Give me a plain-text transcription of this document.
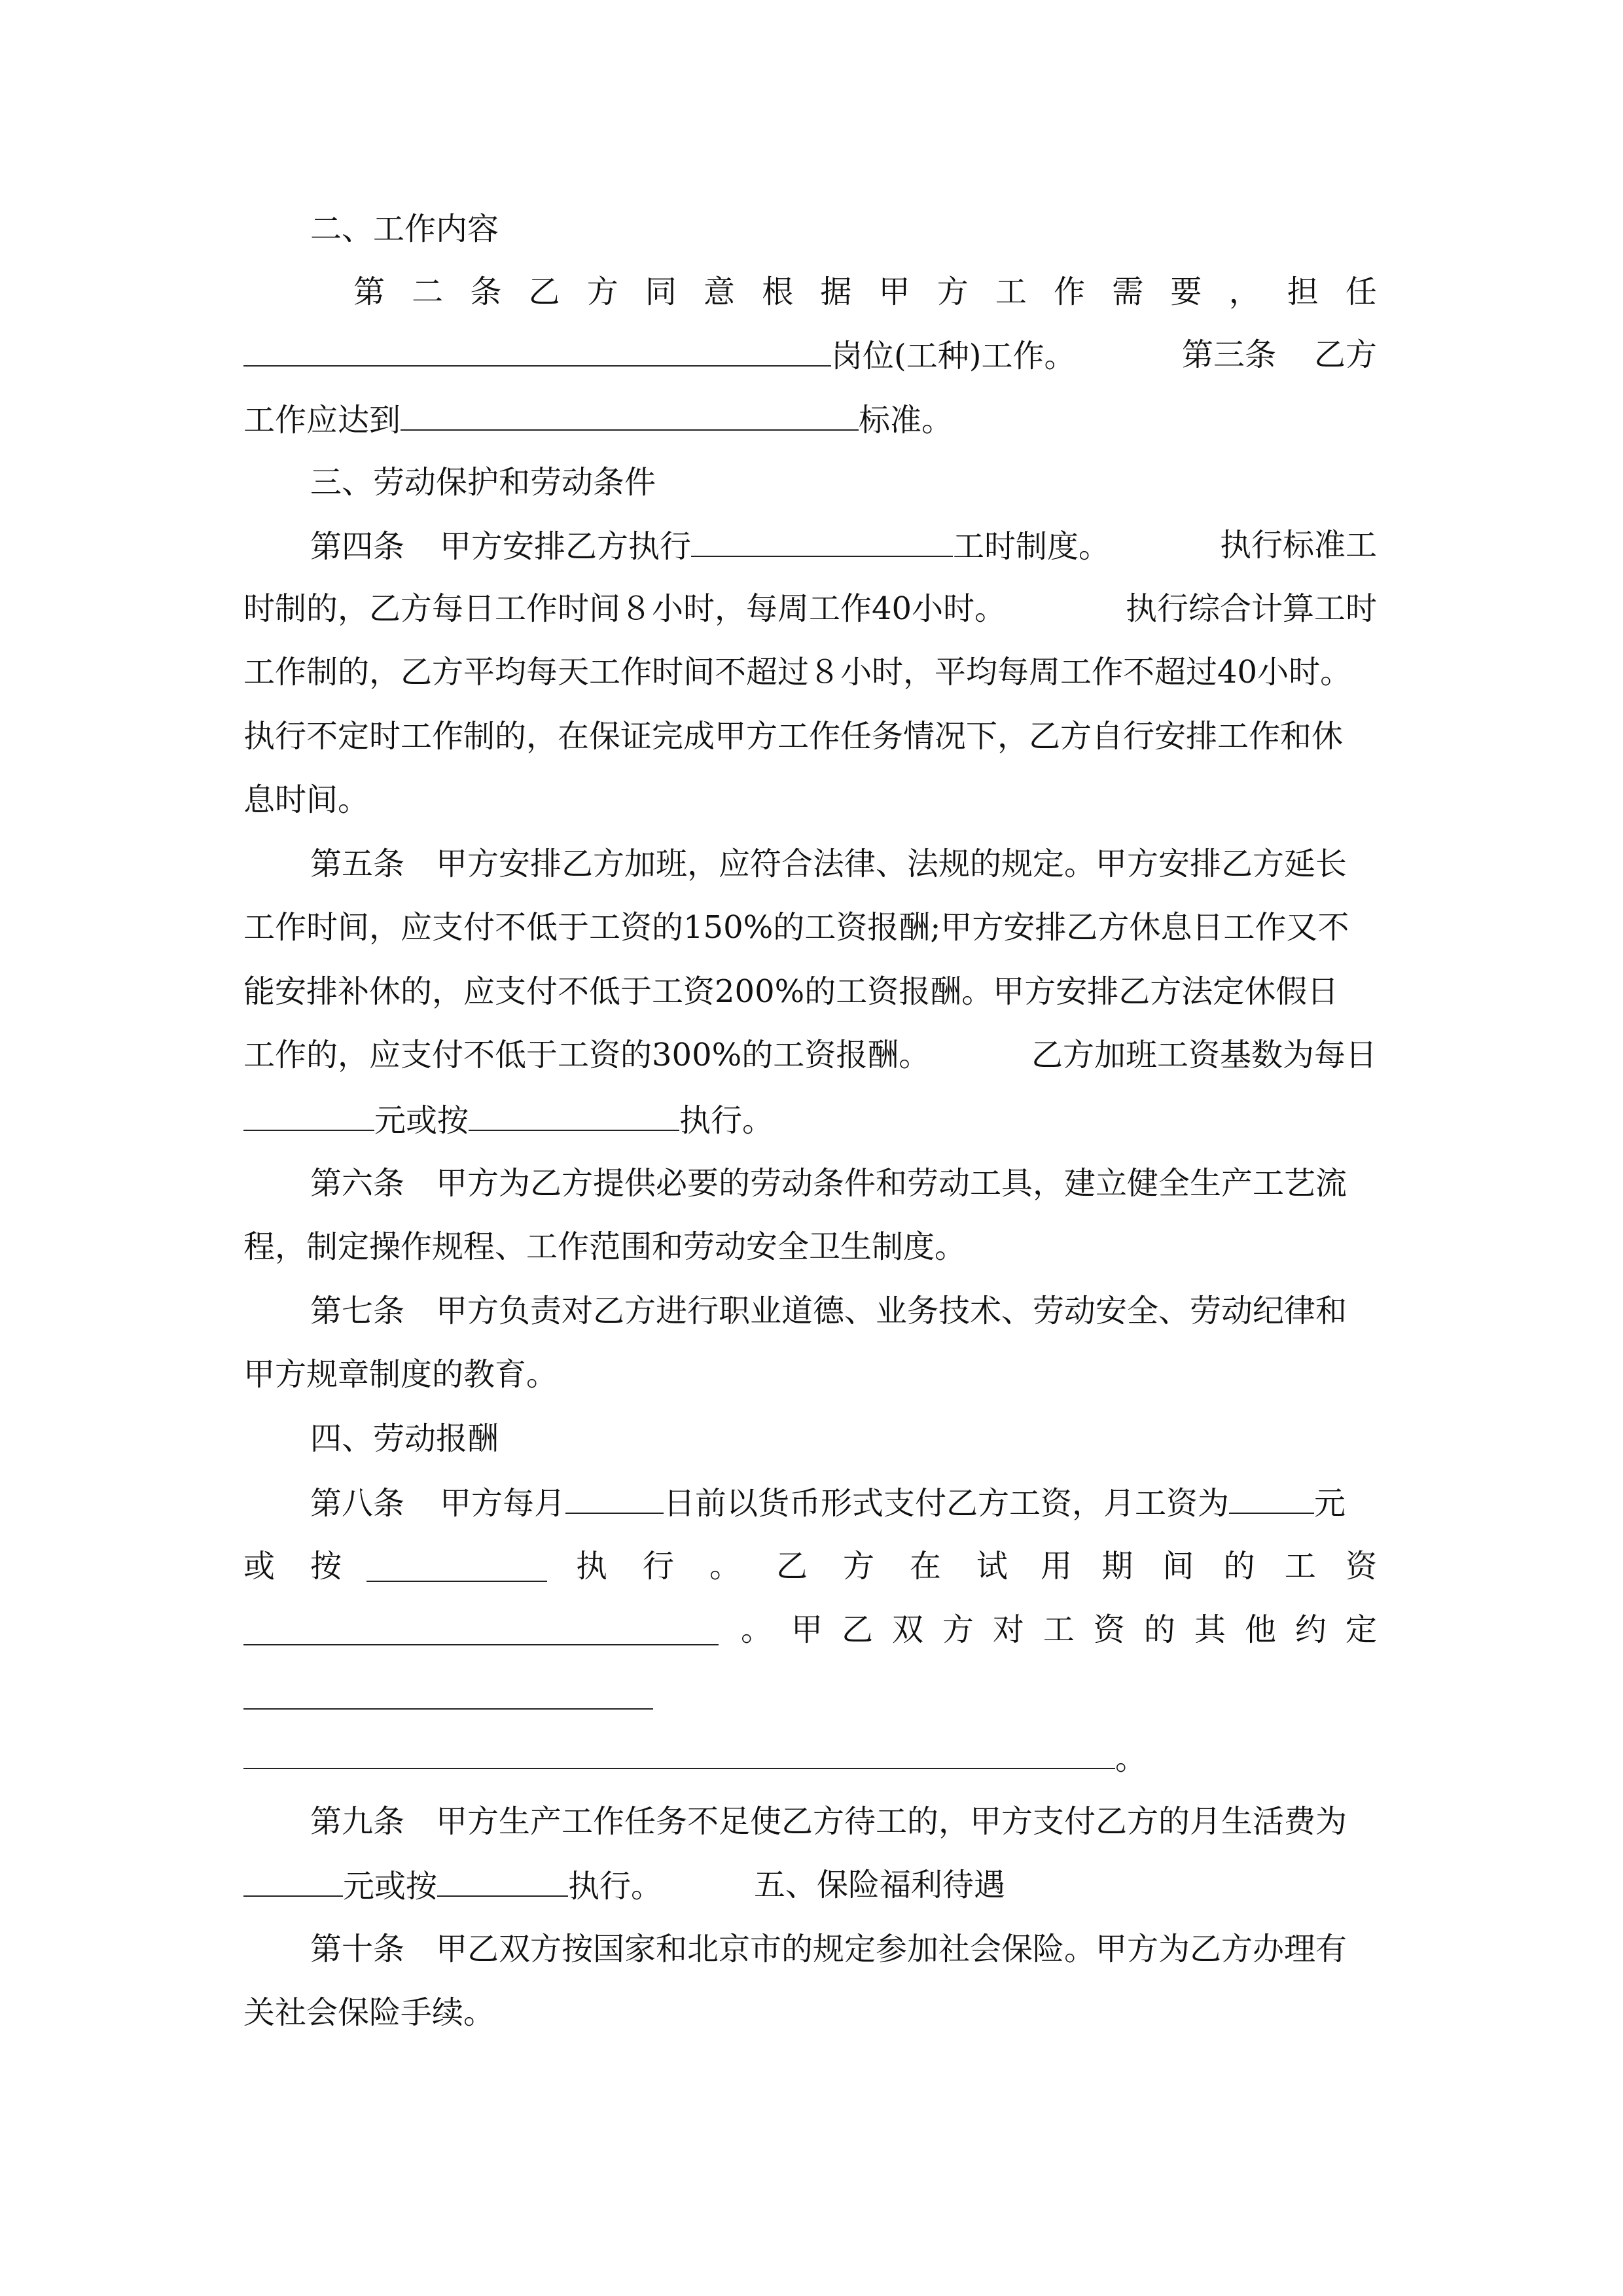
二、工作内容
第 二 条 乙 方 同 意 根 据 甲 方 工 作 需 要 ， 担 任
岗位(工种)工作。	第三条 乙方
工作应达到	标准。
三、劳动保护和劳动条件
第四条 甲方安排乙方执行	工时制度。	执行标准工
时制的，乙方每日工作时间８小时，每周工作40小时。	执行综合计算工时
工作制的，乙方平均每天工作时间不超过８小时，平均每周工作不超过40小时。
执行不定时工作制的，在保证完成甲方工作任务情况下，乙方自行安排工作和休
息时间。
第五条　甲方安排乙方加班，应符合法律、法规的规定。甲方安排乙方延长
工作时间，应支付不低于工资的150%的工资报酬;甲方安排乙方休息日工作又不
能安排补休的，应支付不低于工资200%的工资报酬。甲方安排乙方法定休假日
工作的，应支付不低于工资的300%的工资报酬。	乙方加班工资基数为每日
元或按	执行。
第六条　甲方为乙方提供必要的劳动条件和劳动工具，建立健全生产工艺流
程，制定操作规程、工作范围和劳动安全卫生制度。
第七条　甲方负责对乙方进行职业道德、业务技术、劳动安全、劳动纪律和
甲方规章制度的教育。
四、劳动报酬
第八条 甲方每月	日前以货币形式支付乙方工资，月工资为	元
或 按	执 行 。 乙 方 在 试 用 期 间 的 工 资
。 甲 乙 双 方 对 工 资 的 其 他 约 定
。
第九条　甲方生产工作任务不足使乙方待工的，甲方支付乙方的月生活费为
元或按	执行。	五、保险福利待遇
第十条　甲乙双方按国家和北京市的规定参加社会保险。甲方为乙方办理有
关社会保险手续。
